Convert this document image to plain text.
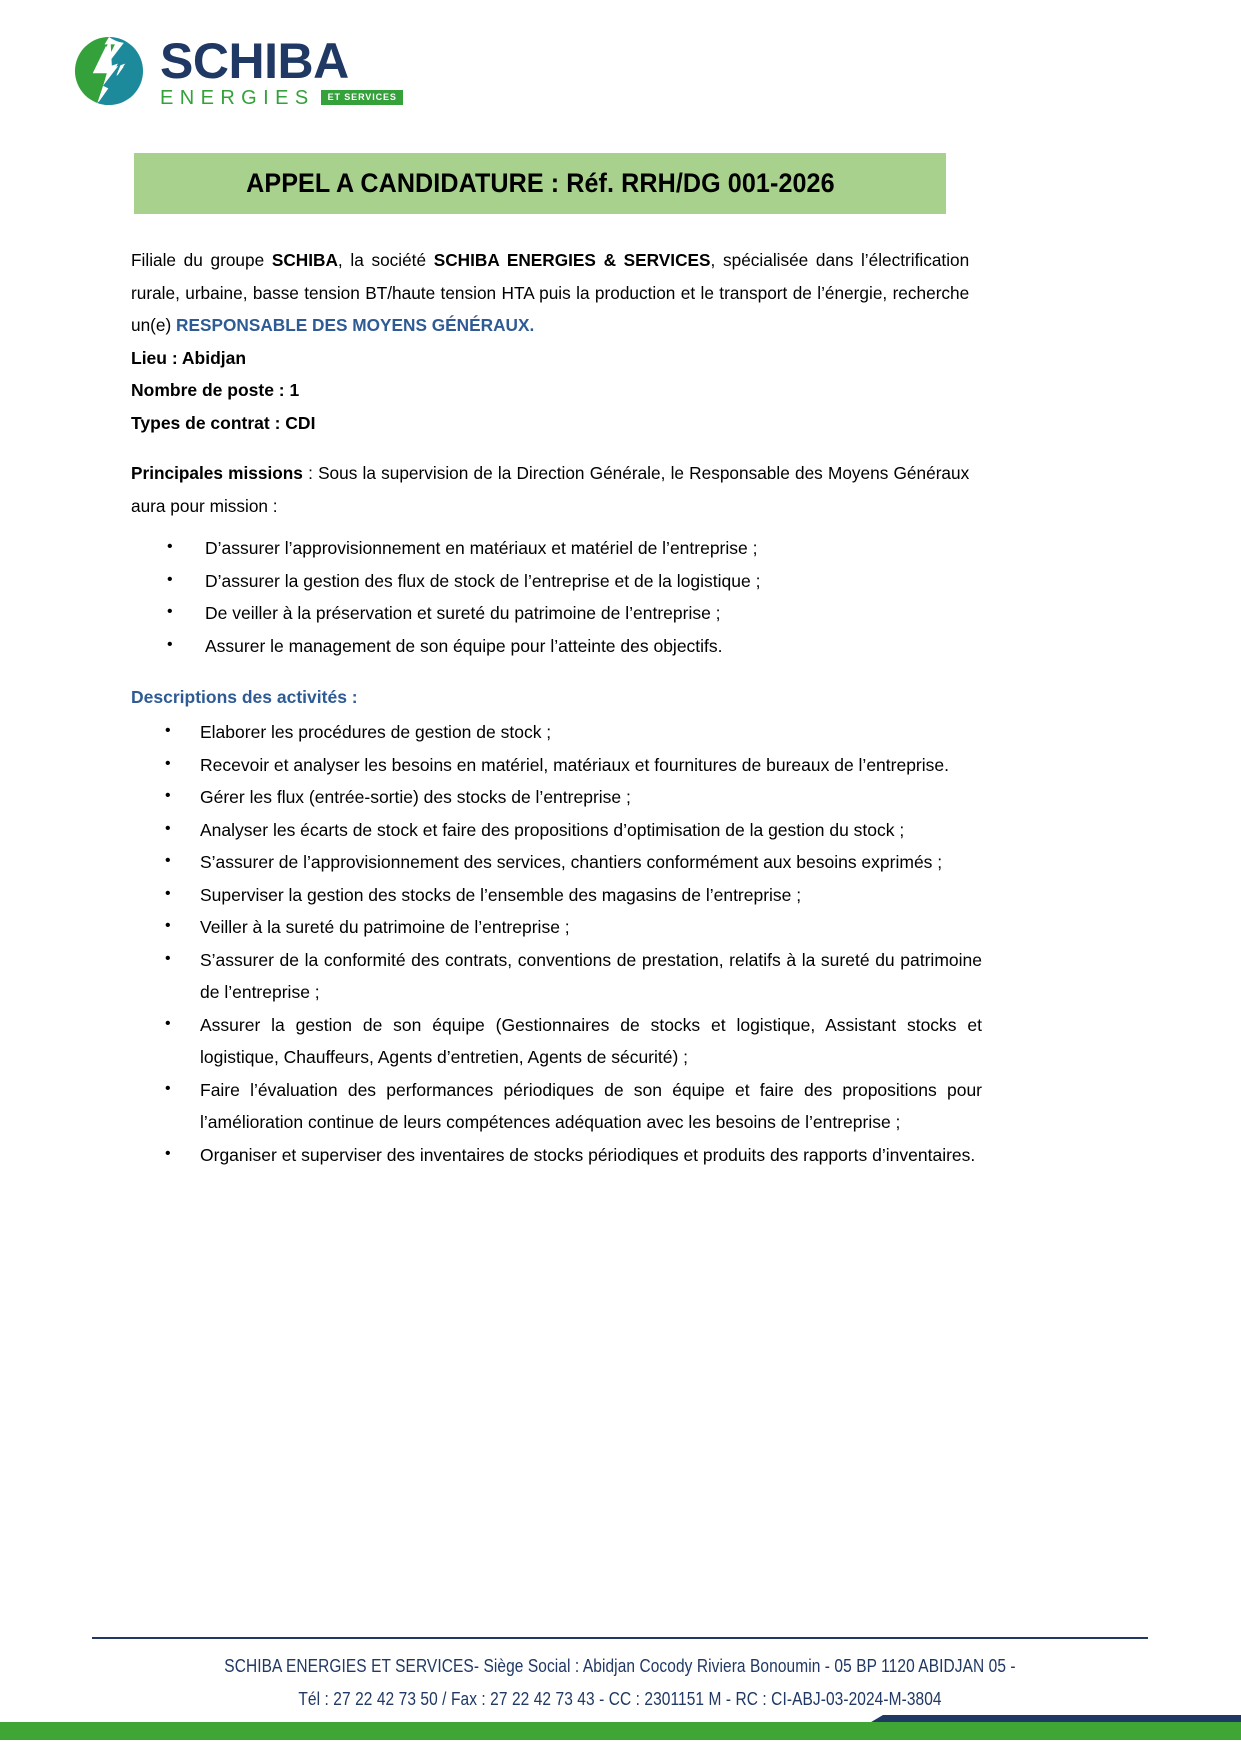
SCHIBA
ENERGIES	ET SERVICES
APPEL A CANDIDATURE : Réf. RRH/DG 001-2026

Filiale du groupe SCHIBA, la société SCHIBA ENERGIES & SERVICES, spécialisée dans l’électrification rurale, urbaine, basse tension BT/haute tension HTA puis la production et le transport de l’énergie, recherche un(e) RESPONSABLE DES MOYENS GÉNÉRAUX.

Lieu : Abidjan
Nombre de poste : 1
Types de contrat : CDI

Principales missions : Sous la supervision de la Direction Générale, le Responsable des Moyens Généraux aura pour mission :

• D’assurer l’approvisionnement en matériaux et matériel de l’entreprise ;
• D’assurer la gestion des flux de stock de l’entreprise et de la logistique ;
• De veiller à la préservation et sureté du patrimoine de l’entreprise ;
• Assurer le management de son équipe pour l’atteinte des objectifs.
Descriptions des activités :
• Elaborer les procédures de gestion de stock ;
• Recevoir et analyser les besoins en matériel, matériaux et fournitures de bureaux de l’entreprise.
• Gérer les flux (entrée-sortie) des stocks de l’entreprise ;
• Analyser les écarts de stock et faire des propositions d’optimisation de la gestion du stock ;
• S’assurer de l’approvisionnement des services, chantiers conformément aux besoins exprimés ;
• Superviser la gestion des stocks de l’ensemble des magasins de l’entreprise ;
• Veiller à la sureté du patrimoine de l’entreprise ;
• S’assurer de la conformité des contrats, conventions de prestation, relatifs à la sureté du patrimoine de l’entreprise ;
• Assurer la gestion de son équipe (Gestionnaires de stocks et logistique, Assistant stocks et logistique, Chauffeurs, Agents d’entretien, Agents de sécurité) ;
• Faire l’évaluation des performances périodiques de son équipe et faire des propositions pour l’amélioration continue de leurs compétences adéquation avec les besoins de l’entreprise ;
• Organiser et superviser des inventaires de stocks périodiques et produits des rapports d’inventaires.
SCHIBA ENERGIES ET SERVICES- Siège Social : Abidjan Cocody Riviera Bonoumin - 05 BP 1120 ABIDJAN 05 -
Tél : 27 22 42 73 50 / Fax : 27 22 42 73 43 - CC : 2301151 M - RC : CI-ABJ-03-2024-M-3804
